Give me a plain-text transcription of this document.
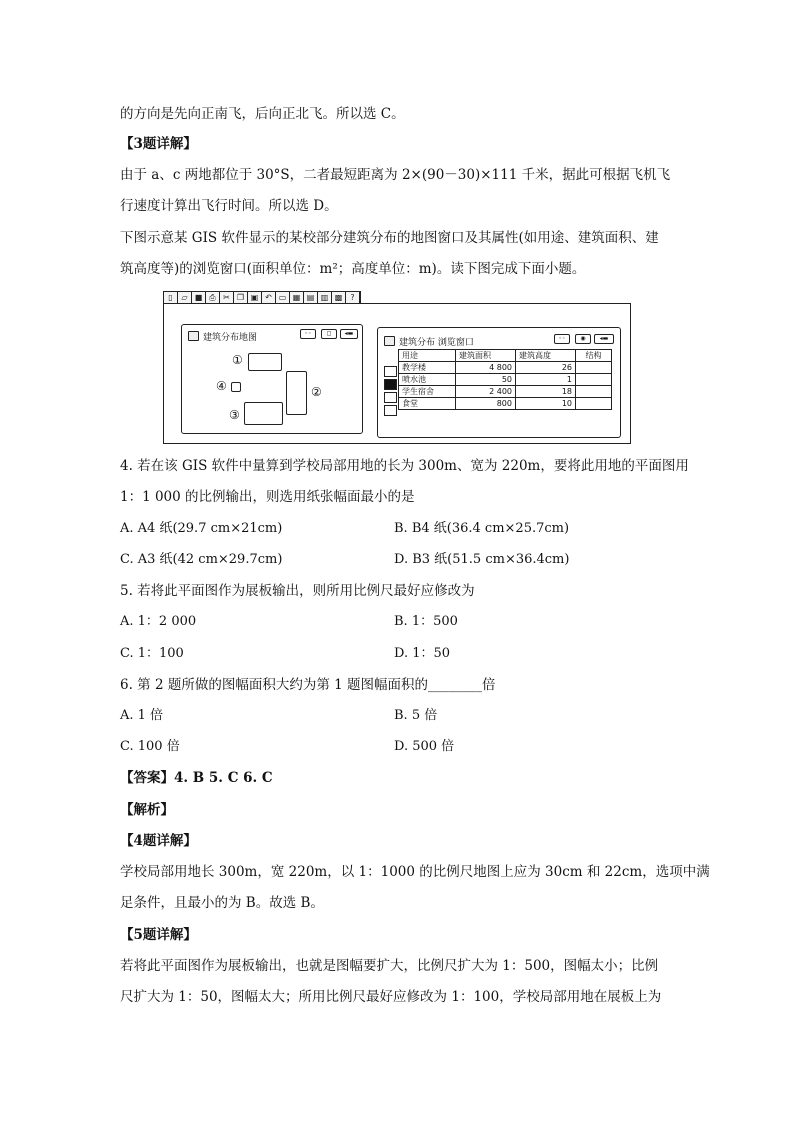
的方向是先向正南飞，后向正北飞。所以选 C。
【3题详解】
由于 a、c 两地都位于 30°S，二者最短距离为 2×(90－30)×111 千米，据此可根据飞机飞
行速度计算出飞行时间。所以选 D。
下图示意某 GIS 软件显示的某校部分建筑分布的地图窗口及其属性(如用途、建筑面积、建
筑高度等)的浏览窗口(面积单位：m²；高度单位：m)。读下图完成下面小题。
▯	▱ ■ ⎙ ✂ ❐ ▣ ↶ ▭ ▦ ▤ ▥ ▩	?
建筑分布地图	◦◦	◻	◂▬
①
④	②
③
建筑分布 浏览窗口	◦◦	◉	◂▬
用途	建筑面积	建筑高度	结构
教学楼	4 800	26	
喷水池	50	1	
学生宿舍	2 400	18	
食堂	800	10	
4. 若在该 GIS 软件中量算到学校局部用地的长为 300m、宽为 220m，要将此用地的平面图用
1：1 000 的比例输出，则选用纸张幅面最小的是
A. A4 纸(29.7 cm×21cm)	B. B4 纸(36.4 cm×25.7cm)
C. A3 纸(42 cm×29.7cm)	D. B3 纸(51.5 cm×36.4cm)
5. 若将此平面图作为展板输出，则所用比例尺最好应修改为
A. 1：2 000	B. 1：500
C. 1：100	D. 1：50
6. 第 2 题所做的图幅面积大约为第 1 题图幅面积的________倍
A. 1 倍	B. 5 倍
C. 100 倍	D. 500 倍
【答案】4. B 5. C 6. C
【解析】
【4题详解】
学校局部用地长 300m，宽 220m，以 1：1000 的比例尺地图上应为 30cm 和 22cm，选项中满
足条件，且最小的为 B。故选 B。
【5题详解】
若将此平面图作为展板输出，也就是图幅要扩大，比例尺扩大为 1：500，图幅太小；比例
尺扩大为 1：50，图幅太大；所用比例尺最好应修改为 1：100，学校局部用地在展板上为
